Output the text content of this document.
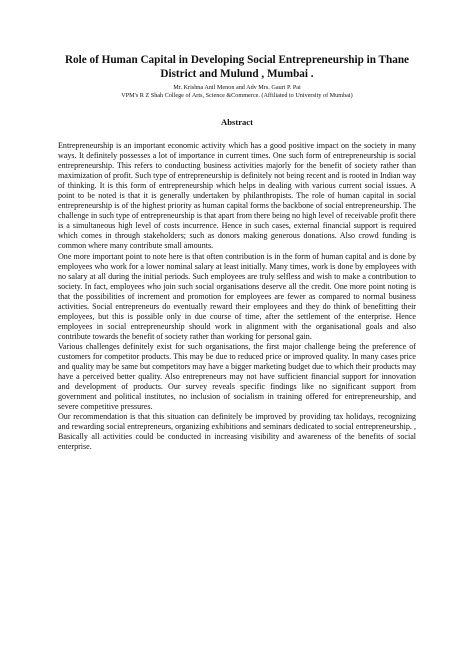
Role of Human Capital in Developing Social Entrepreneurship in Thane
District and Mulund , Mumbai .
Mr. Krishna Anil Menon and Adv Mrs. Gauri P. Pai
VPM's R Z Shah College of Arts, Science &Commerce. (Affiliated to University of Mumbai)
Abstract

Entrepreneurship is an important economic activity which has a good positive impact on the society in many ways. It definitely possesses a lot of importance in current times. One such form of entrepreneurship is social entrepreneurship. This refers to conducting business activities majorly for the benefit of society rather than maximization of profit. Such type of entrepreneurship is definitely not being recent and is rooted in Indian way of thinking. It is this form of entrepreneurship which helps in dealing with various current social issues. A point to be noted is that it is generally undertaken by philanthropists. The role of human capital in social entrepreneurship is of the highest priority as human capital forms the backbone of social entrepreneurship. The challenge in such type of entrepreneurship is that apart from there being no high level of receivable profit there is a simultaneous high level of costs incurrence. Hence in such cases, external financial support is required which comes in through stakeholders; such as donors making generous donations. Also crowd funding is common where many contribute small amounts.

One more important point to note here is that often contribution is in the form of human capital and is done by employees who work for a lower nominal salary at least initially. Many times, work is done by employees with no salary at all during the initial periods. Such employees are truly selfless and wish to make a contribution to society. In fact, employees who join such social organisations deserve all the credit. One more point noting is that the possibilities of increment and promotion for employees are fewer as compared to normal business activities. Social entrepreneurs do eventually reward their employees and they do think of benefitting their employees, but this is possible only in due course of time, after the settlement of the enterprise. Hence employees in social entrepreneurship should work in alignment with the organisational goals and also contribute towards the benefit of society rather than working for personal gain.

Various challenges definitely exist for such organisations, the first major challenge being the preference of customers for competitor products. This may be due to reduced price or improved quality. In many cases price and quality may be same but competitors may have a bigger marketing budget due to which their products may have a perceived better quality. Also entrepreneurs may not have sufficient financial support for innovation and development of products. Our survey reveals specific findings like no significant support from government and political institutes, no inclusion of socialism in training offered for entrepreneurship, and severe competitive pressures.

Our recommendation is that this situation can definitely be improved by providing tax holidays, recognizing and rewarding social entrepreneurs, organizing exhibitions and seminars dedicated to social entrepreneurship. , Basically all activities could be conducted in increasing visibility and awareness of the benefits of social enterprise.
